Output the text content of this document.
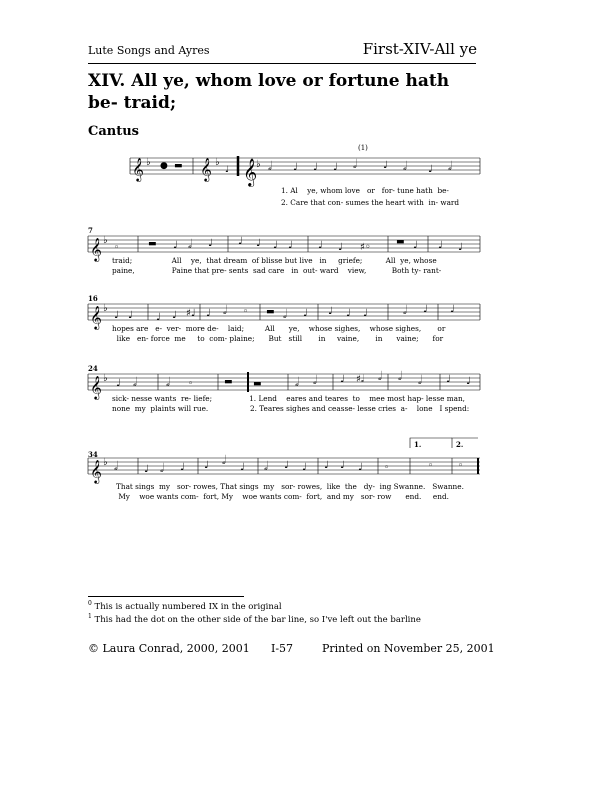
Lute Songs and Ayres	First-XIV-All ye
XIV. All ye, whom love or fortune hath be- traid;
Cantus
𝄞 ♭ ● ▬ 𝄞 ♭
♩ 𝄞
♭ 𝅗𝅥 ♩ ♩ ♩ 𝅗𝅥	♩ 𝅗𝅥 ♩ 𝅗𝅥
(1)
1. Al    ye, whom love   or   for- tune hath  be-
2. Care that con- sumes the heart with  in- ward
7
𝄞 ♭
◦	▬ ♩ 𝅗𝅥 ♩	♩ ♩ ♩ ♩	♩ ♩ ♯◦	▬ ♩ ♩ ♩
traid;                 All    ye,  that dream  of blisse but live   in     griefe;          All  ye, whose
paine,                Paine that pre- sents  sad care   in  out- ward    view,           Both ty- rant-
16
𝄞 ♭
♩ ♩ ♩ ♩ ♯♩ ♩ 𝅗𝅥 ◦ ▬ 𝅗𝅥 ♩ ♩ ♩ ♩	𝅗𝅥 ♩ ♩
hopes are   e-  ver-  more de-    laid;         All      ye,    whose sighes,    whose sighes,       or
like   en- force  me     to  com- plaine;      But   still       in     vaine,       in      vaine;      for
24
𝄞 ♭ ♩ 𝅗𝅥 𝅗𝅥 ◦	▬ ▬	𝅗𝅥 𝅗𝅥 ♩ ♯𝅗𝅥 𝅗𝅥 𝅗𝅥 𝅗𝅥 ♩ ♩
sick- nesse wants  re- liefe;                1. Lend    eares and teares  to    mee most hap- lesse man,
none  my  plaints will rue.                  2. Teares sighes and ceasse- lesse cries  a-    lone   I spend:
34
𝄞 ♭ 𝅗𝅥	♩ 𝅗𝅥 ♩ ♩ 𝅗𝅥
♩ 𝅗𝅥 ♩ ♩ ♩ ♩ ♩ ◦	◦	◦
1.	2.
That sings  my   sor- rowes, That sings  my   sor- rowes,  like  the   dy-  ing Swanne.   Swanne.
My    woe wants com-  fort, My    woe wants com-  fort,  and my   sor- row      end.     end.
$^0$ This is actually numbered IX in the original
$^1$ This had the dot on the other side of the bar line, so I've left out the barline
© Laura Conrad, 2000, 2001 I-57	Printed on November 25, 2001
